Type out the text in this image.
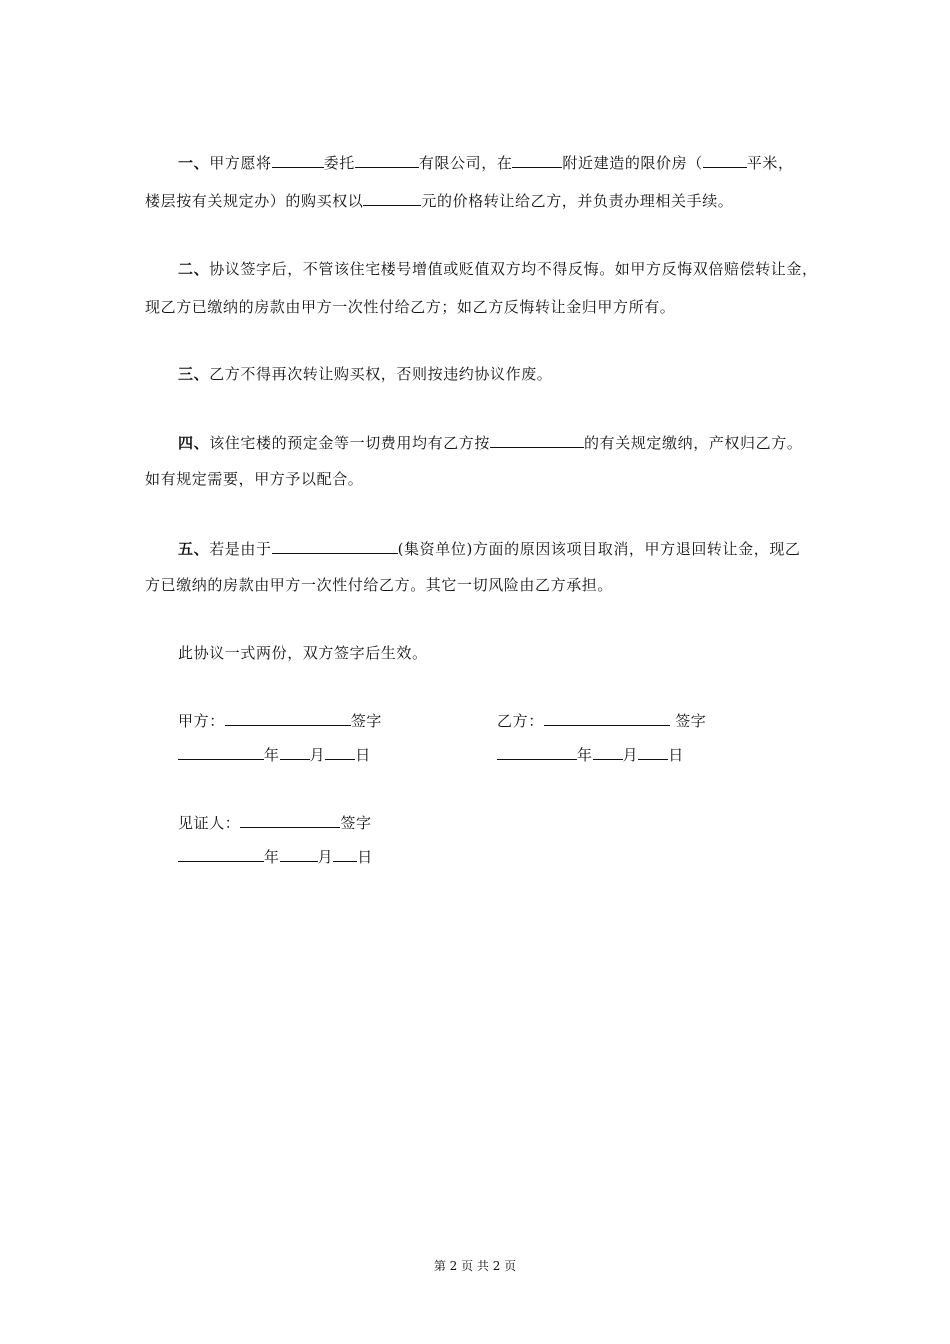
一、甲方愿将	委托	有限公司，在	附近建造的限价房（	平米，
楼层按有关规定办）的购买权以	元的价格转让给乙方，并负责办理相关手续。
二、协议签字后，不管该住宅楼号增值或贬值双方均不得反悔。如甲方反悔双倍赔偿转让金，
现乙方已缴纳的房款由甲方一次性付给乙方；如乙方反悔转让金归甲方所有。
三、乙方不得再次转让购买权，否则按违约协议作废。
四、该住宅楼的预定金等一切费用均有乙方按	的有关规定缴纳，产权归乙方。
如有规定需要，甲方予以配合。
五、若是由于	(集资单位)方面的原因该项目取消，甲方退回转让金，现乙
方已缴纳的房款由甲方一次性付给乙方。其它一切风险由乙方承担。
此协议一式两份，双方签字后生效。
甲方：	签字
年 月 日
乙方：	签字
年 月 日
见证人：	签字
年	月 日
第 2 页 共 2 页
